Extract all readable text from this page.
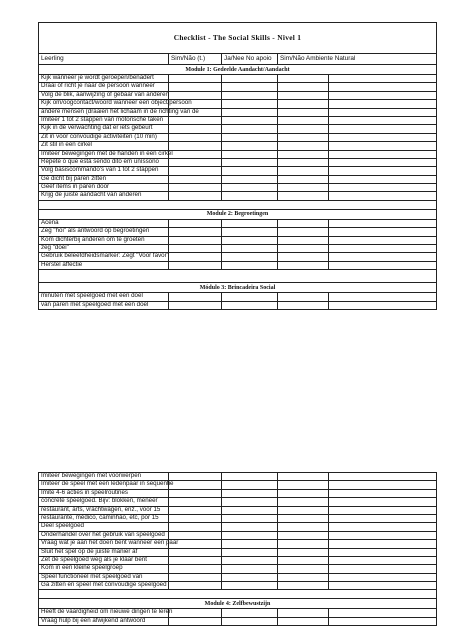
Checklist - The Social Skills - Nivel 1				
Leerling	Sim/Não (t.)	Ja/Nee No apoio	Sim/Não Ambiente Natural	
Module 1: Gedeelde Aandacht/Aandacht				
Kijk wanneer je wordt geroepen/benadert				
Draai of richt je naar de persoon wanneer				
Volg de blik, aanwijzing of gebaar van anderen				
Kijk om/oogcontact/woord wanneer een object/persoon				
andere mensen (draaien het lichaam in de richting van de				
Imiteer 1 tot 2 stappen van motorische taken				
Kijk in de verwachting dat er iets gebeurt				
Zit in voor convoudige activiteiten (10 min)				
Zit stil in een cirkel				
Imiteer bewegingen met de handen in een cirkel				
Repete o que está sendo dito em uníssono				
Volg basiscommando's van 1 tot 2 stappen				
Ge dicht bij paren zitten				
Geef items in paren door				
Krijg de juiste aandacht van anderen				

Module 2: Begroetingen				
Acena				
Zeg "hoi" als antwoord op begroetingen				
Kom dichterbij anderen om te groeten				
zeg "doei"				
Gebruik beleefdheidsmarker: Zegt "Voor favor"				
Herstel affectie				

Módulo 3: Brincadeira Social				
minuten met speelgoed met een doel				
van paren met speelgoed met een doel				
Imiteer bewegingen met voorwerpen				
Imiteer de speel met een ledenpaar in sequentie				
Imite 4-6 acties in speelroutines				
concrete speelgoed. Bijv: blokken, meneer				
restaurant, arts, vrachtwagen, enz., voor 15				
restaurante, médico, caminhão, etc, por 15				
Deel speelgoed				
Onderhandel over het gebruik van speelgoed				
Vraag wat je aan het doen bent wanneer een paar				
Sluit het spel op de juiste manier af				
Zet de speelgoed weg als je klaar bent				
Kom in een kleine speelgroep				
Speel functioneel met speelgoed van				
Ga zitten en speel met convoudige speelgoed				

Module 4: Zelfbewustzijn				
Heeft de vaardigheid om nieuwe dingen te leren				
Vraag hulp bij een afwijkend antwoord				
